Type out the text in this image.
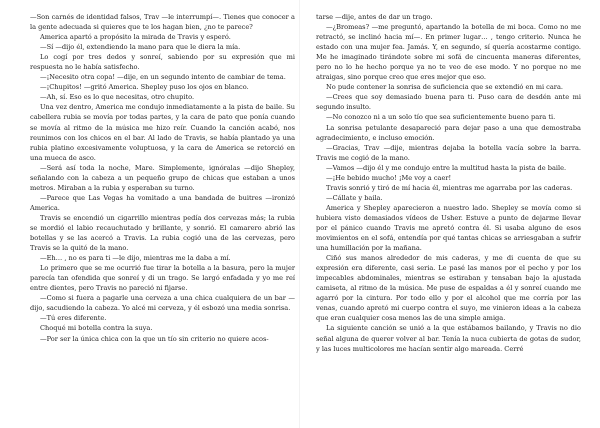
—Son carnés de identidad falsos, Trav —le interrumpí—. Tienes que conocer a la gente adecuada si quieres que te los hagan bien, ¿no te parece?

America apartó a propósito la mirada de Travis y esperó.

—Sí —dijo él, extendiendo la mano para que le diera la mía.

Lo cogí por tres dedos y sonreí, sabiendo por su expresión que mi respuesta no le había satisfecho.

—¡Necesito otra copa! —dije, en un segundo intento de cambiar de tema.

—¡Chupitos! —gritó America. Shepley puso los ojos en blanco.

—Ah, sí. Eso es lo que necesitas, otro chupito.

Una vez dentro, America me condujo inmediatamente a la pista de baile. Su cabellera rubia se movía por todas partes, y la cara de pato que ponía cuando se movía al ritmo de la música me hizo reír. Cuando la canción acabó, nos reunimos con los chicos en el bar. Al lado de Travis, se había plantado ya una rubia platino excesivamente voluptuosa, y la cara de America se retorció en una mueca de asco.

—Será así toda la noche, Mare. Simplemente, ignóralas —dijo Shepley, señalando con la cabeza a un pequeño grupo de chicas que estaban a unos metros. Miraban a la rubia y esperaban su turno.

—Parece que Las Vegas ha vomitado a una bandada de buitres —ironizó America.

Travis se encendió un cigarrillo mientras pedía dos cervezas más; la rubia se mordió el labio recauchutado y brillante, y sonrió. El camarero abrió las botellas y se las acercó a Travis. La rubia cogió una de las cervezas, pero Travis se la quitó de la mano.

—Eh… , no es para ti —le dijo, mientras me la daba a mí.

Lo primero que se me ocurrió fue tirar la botella a la basura, pero la mujer parecía tan ofendida que sonreí y di un trago. Se largó enfadada y yo me reí entre dientes, pero Travis no pareció ni fijarse.

—Como si fuera a pagarle una cerveza a una chica cualquiera de un bar —dijo, sacudiendo la cabeza. Yo alcé mi cerveza, y él esbozó una media sonrisa.

—Tú eres diferente.

Choqué mi botella contra la suya.

—Por ser la única chica con la que un tío sin criterio no quiere acos-

tarse —dije, antes de dar un trago.

—¿Bromeas? —me preguntó, apartando la botella de mi boca. Como no me retractó, se inclinó hacia mí—. En primer lugar… , tengo criterio. Nunca he estado con una mujer fea. Jamás. Y, en segundo, sí quería acostarme contigo. Me he imaginado tirándote sobre mi sofá de cincuenta maneras diferentes, pero no lo he hecho porque ya no te veo de ese modo. Y no porque no me atraigas, sino porque creo que eres mejor que eso.

No pude contener la sonrisa de suficiencia que se extendió en mi cara.

—Crees que soy demasiado buena para ti. Puso cara de desdén ante mi segundo insulto.

—No conozco ni a un solo tío que sea suficientemente bueno para ti.

La sonrisa petulante desapareció para dejar paso a una que demostraba agradecimiento, e incluso emoción.

—Gracias, Trav —dije, mientras dejaba la botella vacía sobre la barra. Travis me cogió de la mano.

—Vamos —dijo él y me condujo entre la multitud hasta la pista de baile.

—¡He bebido mucho! ¡Me voy a caer!

Travis sonrió y tiró de mí hacia él, mientras me agarraba por las caderas.

—Cállate y baila.

America y Shepley aparecieron a nuestro lado. Shepley se movía como si hubiera visto demasiados vídeos de Usher. Estuve a punto de dejarme llevar por el pánico cuando Travis me apretó contra él. Si usaba alguno de esos movimientos en el sofá, entendía por qué tantas chicas se arriesgaban a sufrir una humillación por la mañana.

Ciñó sus manos alrededor de mis caderas, y me di cuenta de que su expresión era diferente, casi seria. Le pasé las manos por el pecho y por los impecables abdominales, mientras se estiraban y tensaban bajo la ajustada camiseta, al ritmo de la música. Me puse de espaldas a él y sonreí cuando me agarró por la cintura. Por todo ello y por el alcohol que me corría por las venas, cuando apretó mi cuerpo contra el suyo, me vinieron ideas a la cabeza que eran cualquier cosa menos las de una simple amiga.

La siguiente canción se unió a la que estábamos bailando, y Travis no dio señal alguna de querer volver al bar. Tenía la nuca cubierta de gotas de sudor, y las luces multicolores me hacían sentir algo mareada. Cerré
